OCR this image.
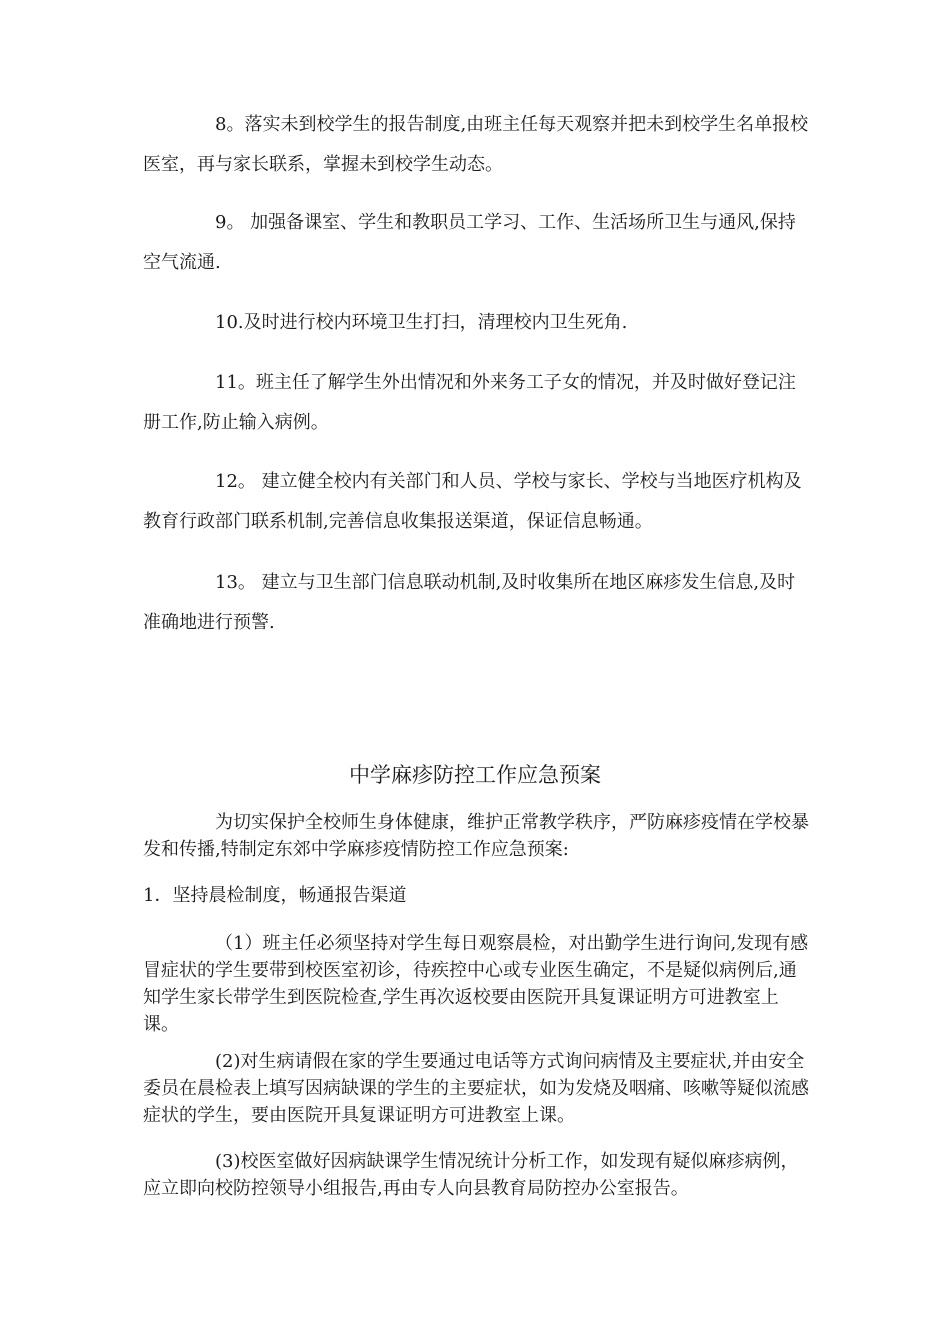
8。落实未到校学生的报告制度,由班主任每天观察并把未到校学生名单报校医室，再与家长联系，掌握未到校学生动态。

9。 加强备课室、学生和教职员工学习、工作、生活场所卫生与通风,保持空气流通.

10.及时进行校内环境卫生打扫，清理校内卫生死角.

11。班主任了解学生外出情况和外来务工子女的情况，并及时做好登记注册工作,防止输入病例。

12。 建立健全校内有关部门和人员、学校与家长、学校与当地医疗机构及教育行政部门联系机制,完善信息收集报送渠道，保证信息畅通。

13。 建立与卫生部门信息联动机制,及时收集所在地区麻疹发生信息,及时准确地进行预警.

中学麻疹防控工作应急预案

为切实保护全校师生身体健康，维护正常教学秩序，严防麻疹疫情在学校暴发和传播,特制定东郊中学麻疹疫情防控工作应急预案:

1．坚持晨检制度，畅通报告渠道

（1）班主任必须坚持对学生每日观察晨检，对出勤学生进行询问,发现有感冒症状的学生要带到校医室初诊，待疾控中心或专业医生确定，不是疑似病例后,通知学生家长带学生到医院检查,学生再次返校要由医院开具复课证明方可进教室上课。

(2)对生病请假在家的学生要通过电话等方式询问病情及主要症状,并由安全委员在晨检表上填写因病缺课的学生的主要症状，如为发烧及咽痛、咳嗽等疑似流感症状的学生，要由医院开具复课证明方可进教室上课。

(3)校医室做好因病缺课学生情况统计分析工作，如发现有疑似麻疹病例，应立即向校防控领导小组报告,再由专人向县教育局防控办公室报告。
